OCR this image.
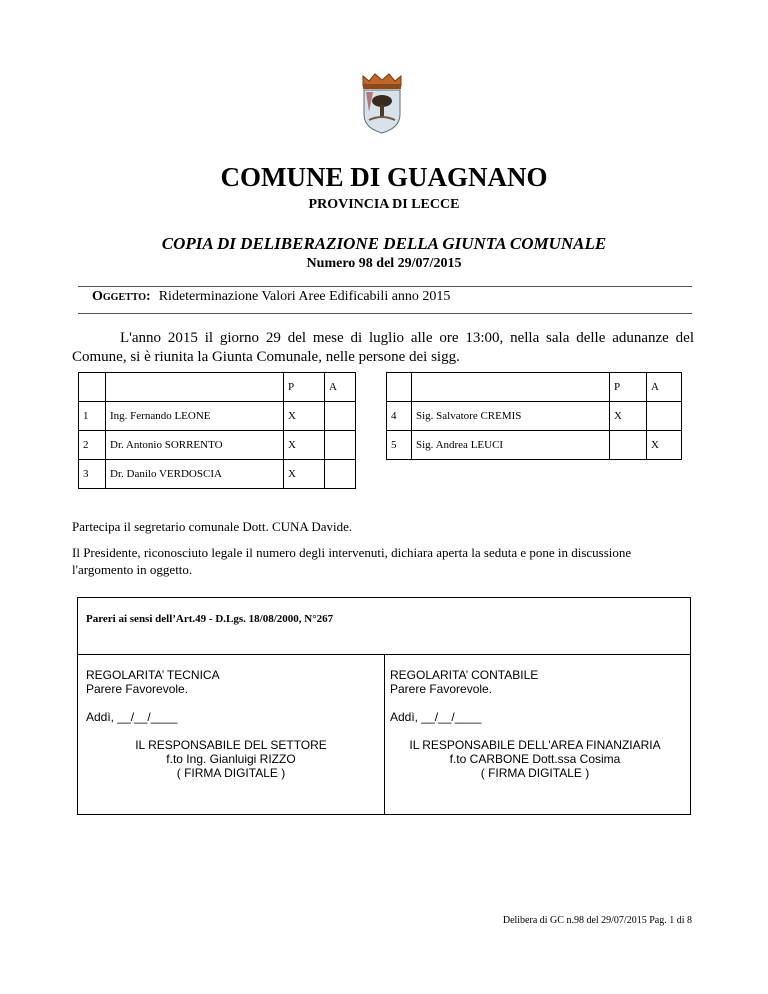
COMUNE DI GUAGNANO
PROVINCIA DI LECCE
COPIA DI DELIBERAZIONE DELLA GIUNTA COMUNALE
Numero 98 del 29/07/2015
Oggetto: Rideterminazione Valori Aree Edificabili anno 2015
L'anno 2015 il giorno 29 del mese di luglio alle ore 13:00, nella sala delle adunanze del Comune, si è riunita la Giunta Comunale, nelle persone dei sigg.
		P	A
1	Ing. Fernando LEONE	X	
2	Dr. Antonio SORRENTO	X	
3	Dr. Danilo VERDOSCIA	X	
		P	A
4	Sig. Salvatore CREMIS	X	
5	Sig. Andrea LEUCI		X
Partecipa il segretario comunale Dott. CUNA Davide.
Il Presidente, riconosciuto legale il numero degli intervenuti, dichiara aperta la seduta e pone in discussione l'argomento in oggetto.
Pareri ai sensi dell’Art.49 - D.Lgs. 18/08/2000, N°267
REGOLARITA’ TECNICA
Parere Favorevole.
Addì, __/__/____
IL RESPONSABILE DEL SETTORE
f.to Ing. Gianluigi RIZZO
( FIRMA DIGITALE )
REGOLARITA’ CONTABILE
Parere Favorevole.
Addì, __/__/____
IL RESPONSABILE DELL'AREA FINANZIARIA
f.to CARBONE Dott.ssa Cosima
( FIRMA DIGITALE )
Delibera di GC n.98 del 29/07/2015 Pag. 1 di 8
